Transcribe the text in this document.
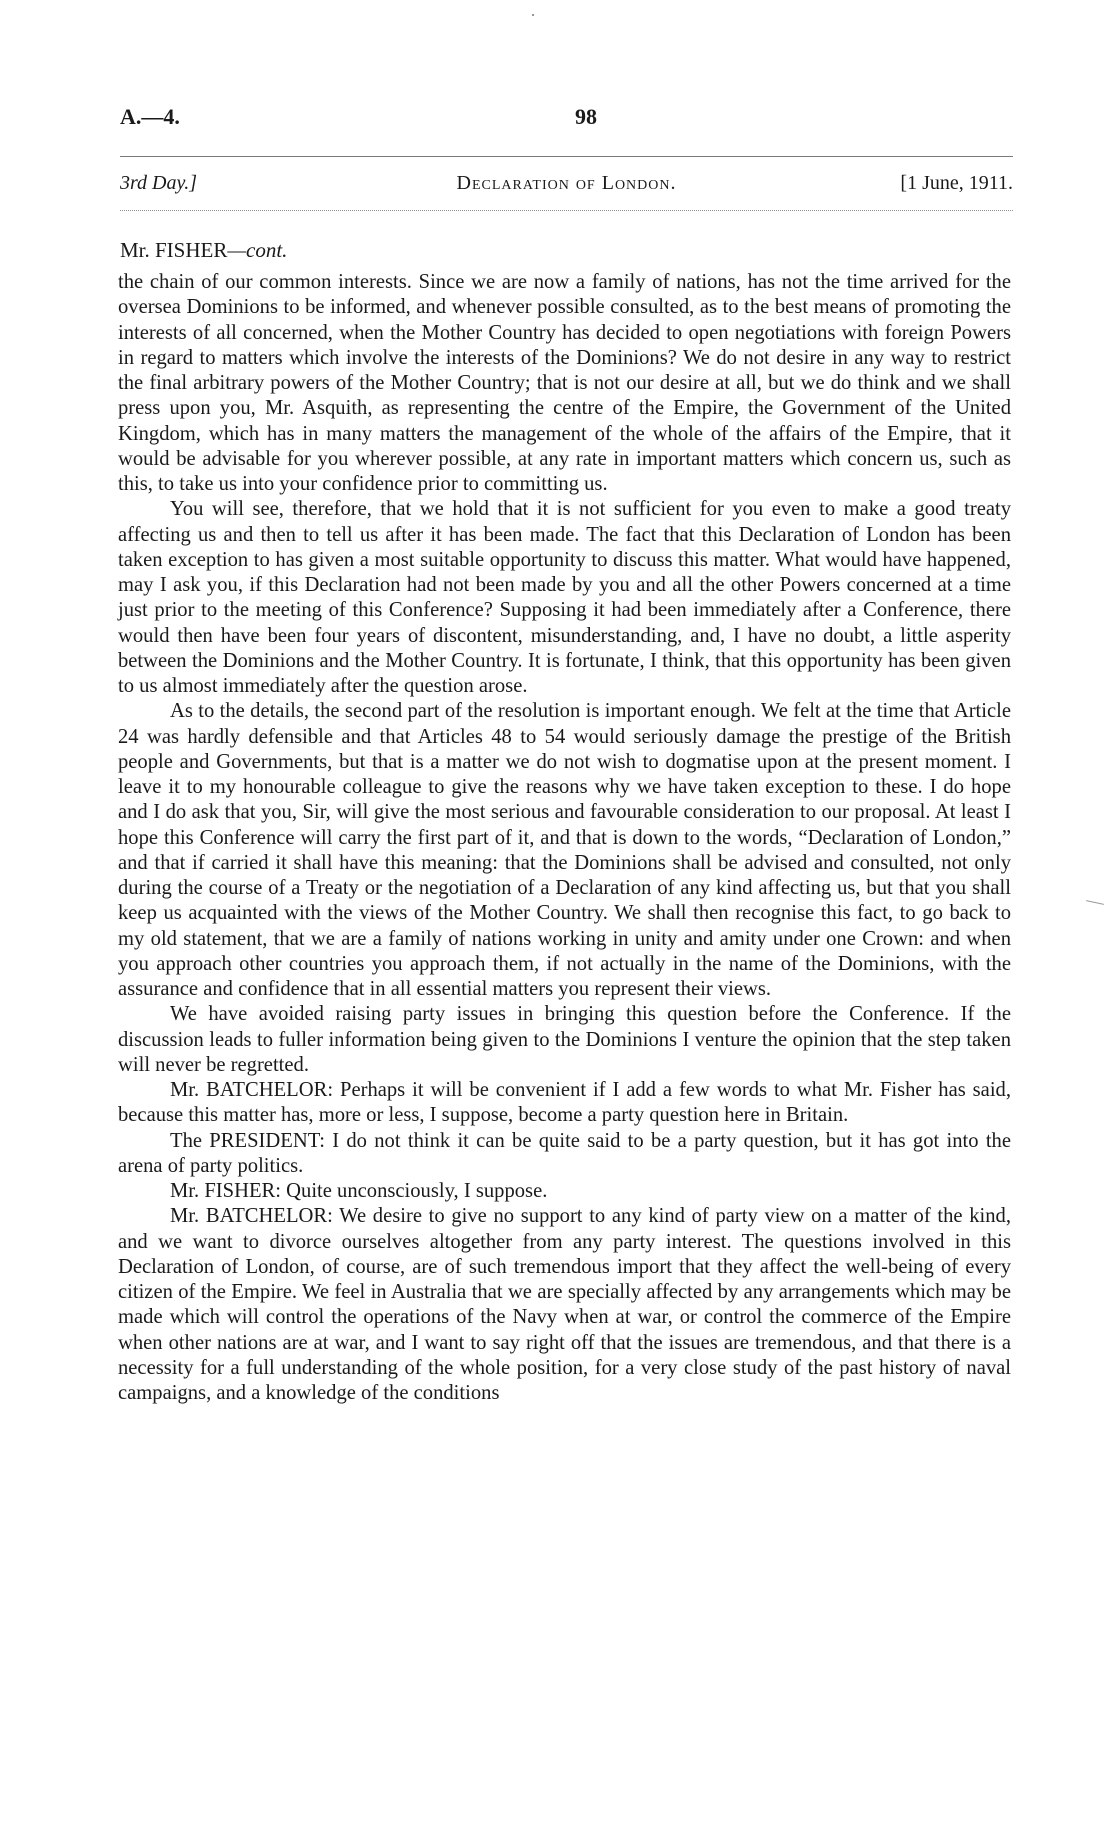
A.—4.	98
3rd Day.]	Declaration of London.	[1 June, 1911.
Mr. FISHER—cont.

the chain of our common interests. Since we are now a family of nations, has not the time arrived for the oversea Dominions to be informed, and whenever possible consulted, as to the best means of promoting the interests of all concerned, when the Mother Country has decided to open negotiations with foreign Powers in regard to matters which involve the interests of the Dominions? We do not desire in any way to restrict the final arbitrary powers of the Mother Country; that is not our desire at all, but we do think and we shall press upon you, Mr. Asquith, as representing the centre of the Empire, the Government of the United Kingdom, which has in many matters the management of the whole of the affairs of the Empire, that it would be advisable for you wherever possible, at any rate in important matters which concern us, such as this, to take us into your confidence prior to committing us.

You will see, therefore, that we hold that it is not sufficient for you even to make a good treaty affecting us and then to tell us after it has been made. The fact that this Declaration of London has been taken exception to has given a most suitable opportunity to discuss this matter. What would have happened, may I ask you, if this Declaration had not been made by you and all the other Powers concerned at a time just prior to the meeting of this Conference? Supposing it had been immediately after a Conference, there would then have been four years of discontent, misunderstanding, and, I have no doubt, a little asperity between the Dominions and the Mother Country. It is fortunate, I think, that this opportunity has been given to us almost immediately after the question arose.

As to the details, the second part of the resolution is important enough. We felt at the time that Article 24 was hardly defensible and that Articles 48 to 54 would seriously damage the prestige of the British people and Governments, but that is a matter we do not wish to dogmatise upon at the present moment. I leave it to my honourable colleague to give the reasons why we have taken exception to these. I do hope and I do ask that you, Sir, will give the most serious and favourable consideration to our proposal. At least I hope this Conference will carry the first part of it, and that is down to the words, “Declaration of London,” and that if carried it shall have this meaning: that the Dominions shall be advised and consulted, not only during the course of a Treaty or the negotiation of a Declaration of any kind affecting us, but that you shall keep us acquainted with the views of the Mother Country. We shall then recognise this fact, to go back to my old statement, that we are a family of nations working in unity and amity under one Crown: and when you approach other countries you approach them, if not actually in the name of the Dominions, with the assurance and confidence that in all essential matters you represent their views.

We have avoided raising party issues in bringing this question before the Conference. If the discussion leads to fuller information being given to the Dominions I venture the opinion that the step taken will never be regretted.

Mr. BATCHELOR: Perhaps it will be convenient if I add a few words to what Mr. Fisher has said, because this matter has, more or less, I suppose, become a party question here in Britain.

The PRESIDENT: I do not think it can be quite said to be a party question, but it has got into the arena of party politics.

Mr. FISHER: Quite unconsciously, I suppose.

Mr. BATCHELOR: We desire to give no support to any kind of party view on a matter of the kind, and we want to divorce ourselves altogether from any party interest. The questions involved in this Declaration of London, of course, are of such tremendous import that they affect the well-being of every citizen of the Empire. We feel in Australia that we are specially affected by any arrangements which may be made which will control the operations of the Navy when at war, or control the commerce of the Empire when other nations are at war, and I want to say right off that the issues are tremendous, and that there is a necessity for a full understanding of the whole position, for a very close study of the past history of naval campaigns, and a knowledge of the conditions
